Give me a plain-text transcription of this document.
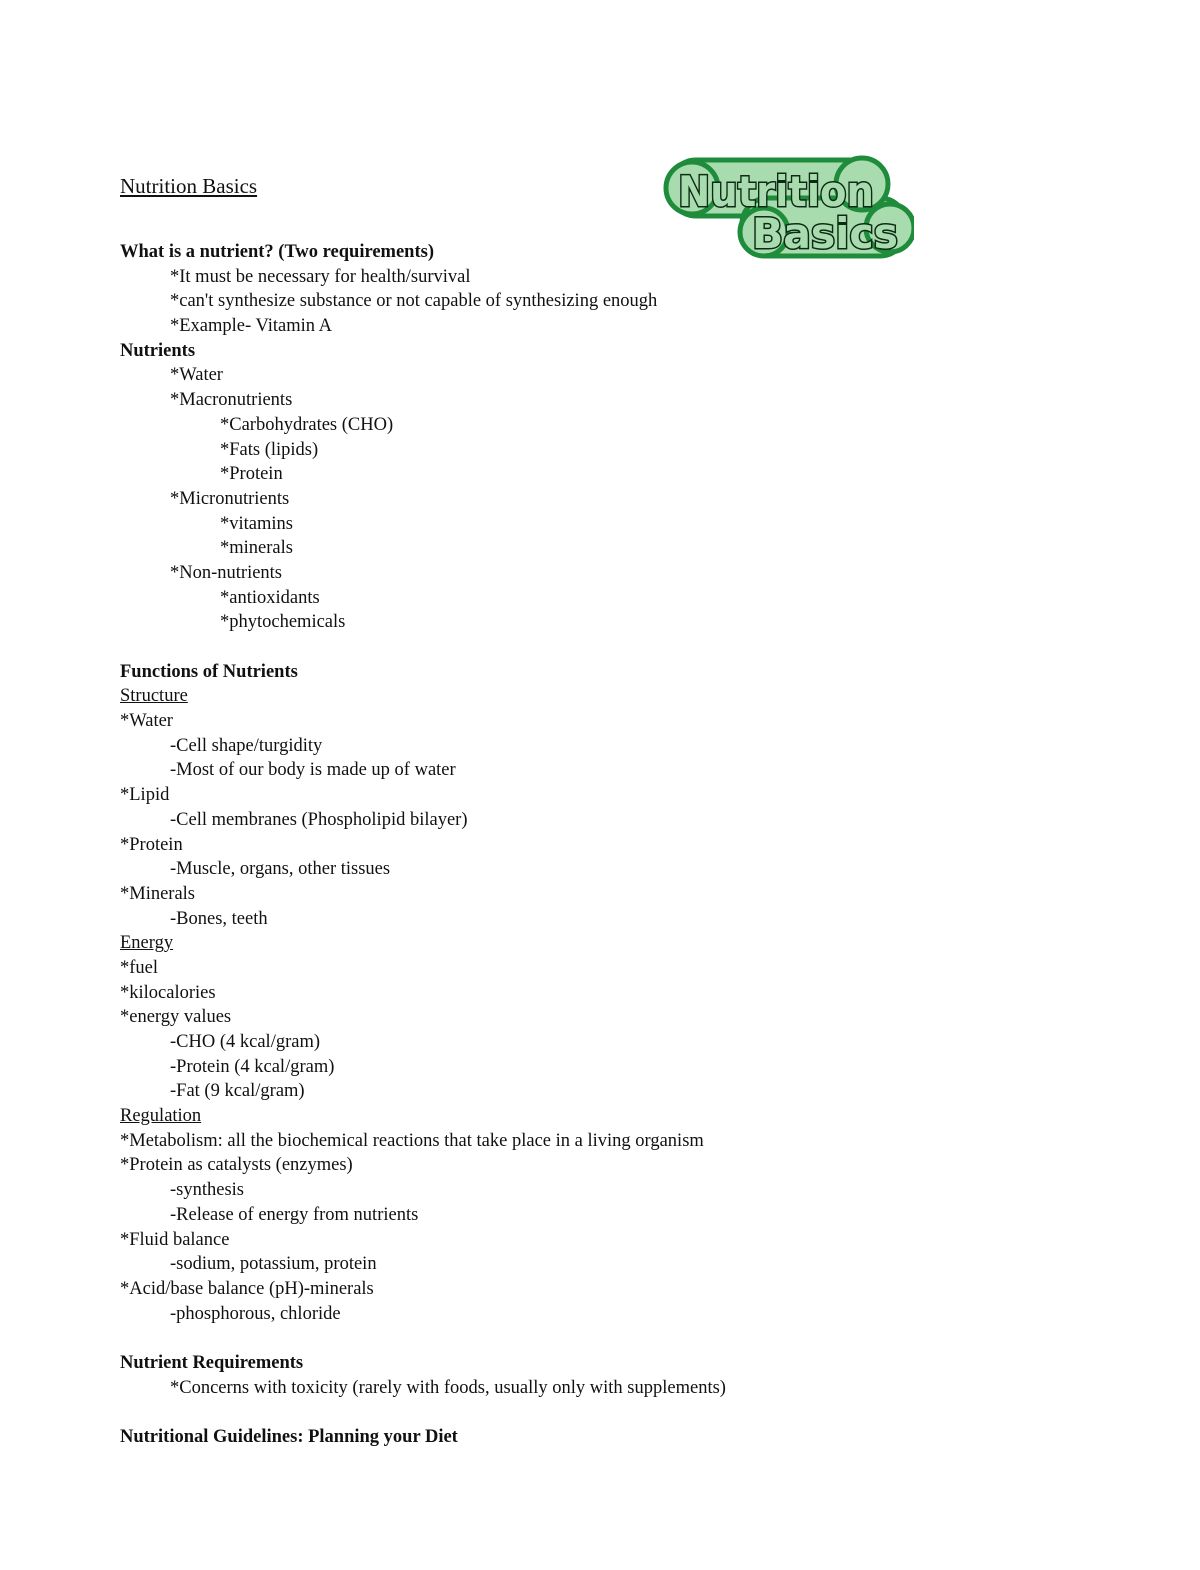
Nutrition
Basics
Nutrition Basics
What is a nutrient? (Two requirements)
*It must be necessary for health/survival
*can't synthesize substance or not capable of synthesizing enough
*Example- Vitamin A
Nutrients
*Water
*Macronutrients
*Carbohydrates (CHO)
*Fats (lipids)
*Protein
*Micronutrients
*vitamins
*minerals
*Non-nutrients
*antioxidants
*phytochemicals
Functions of Nutrients
Structure
*Water
-Cell shape/turgidity
-Most of our body is made up of water
*Lipid
-Cell membranes (Phospholipid bilayer)
*Protein
-Muscle, organs, other tissues
*Minerals
-Bones, teeth
Energy
*fuel
*kilocalories
*energy values
-CHO (4 kcal/gram)
-Protein (4 kcal/gram)
-Fat (9 kcal/gram)
Regulation
*Metabolism: all the biochemical reactions that take place in a living organism
*Protein as catalysts (enzymes)
-synthesis
-Release of energy from nutrients
*Fluid balance
-sodium, potassium, protein
*Acid/base balance (pH)-minerals
-phosphorous, chloride
Nutrient Requirements
*Concerns with toxicity (rarely with foods, usually only with supplements)
Nutritional Guidelines: Planning your Diet
